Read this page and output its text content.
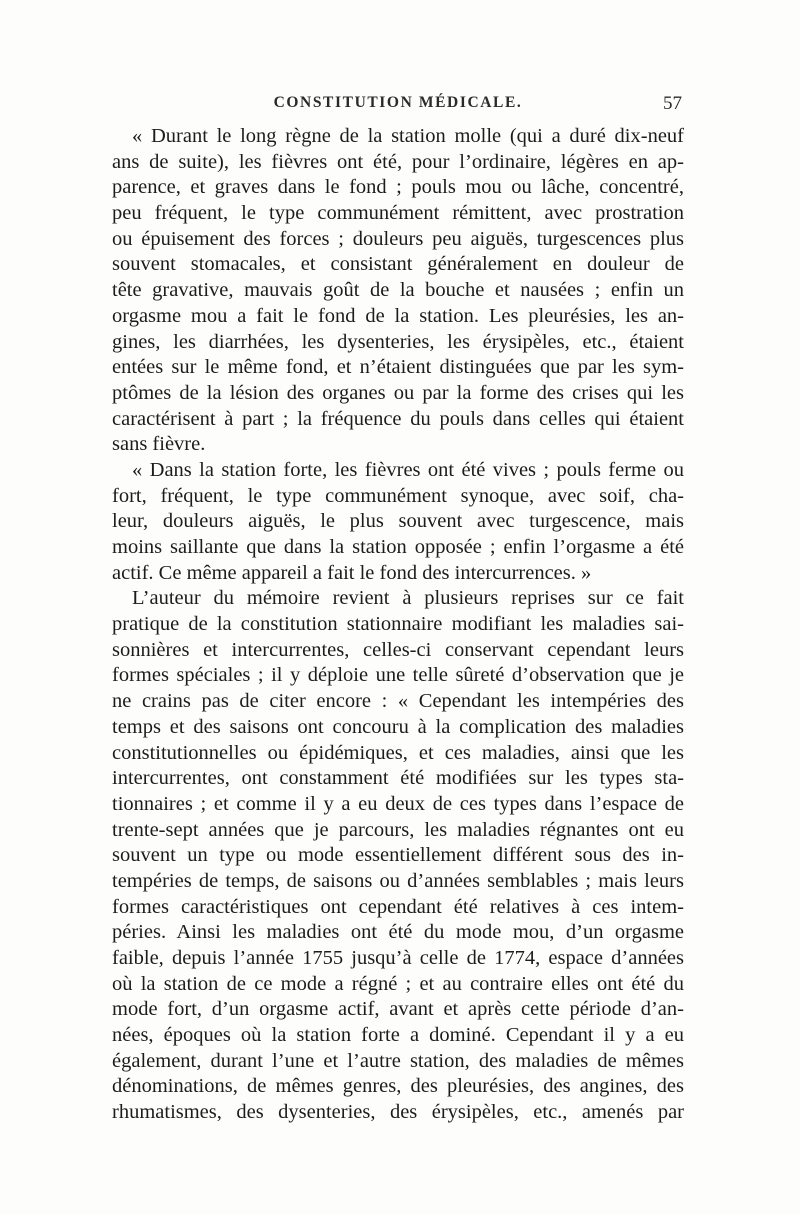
CONSTITUTION MÉDICALE.	57
« Durant le long règne de la station molle (qui a duré dix-neuf
ans de suite), les fièvres ont été, pour l’ordinaire, légères en ap-
parence, et graves dans le fond ; pouls mou ou lâche, concentré,
peu fréquent, le type communément rémittent, avec prostration
ou épuisement des forces ; douleurs peu aiguës, turgescences plus
souvent stomacales, et consistant généralement en douleur de
tête gravative, mauvais goût de la bouche et nausées ; enfin un
orgasme mou a fait le fond de la station. Les pleurésies, les an-
gines, les diarrhées, les dysenteries, les érysipèles, etc., étaient
entées sur le même fond, et n’étaient distinguées que par les sym-
ptômes de la lésion des organes ou par la forme des crises qui les
caractérisent à part ; la fréquence du pouls dans celles qui étaient
sans fièvre.
« Dans la station forte, les fièvres ont été vives ; pouls ferme ou
fort, fréquent, le type communément synoque, avec soif, cha-
leur, douleurs aiguës, le plus souvent avec turgescence, mais
moins saillante que dans la station opposée ; enfin l’orgasme a été
actif. Ce même appareil a fait le fond des intercurrences. »
L’auteur du mémoire revient à plusieurs reprises sur ce fait
pratique de la constitution stationnaire modifiant les maladies sai-
sonnières et intercurrentes, celles-ci conservant cependant leurs
formes spéciales ; il y déploie une telle sûreté d’observation que je
ne crains pas de citer encore : « Cependant les intempéries des
temps et des saisons ont concouru à la complication des maladies
constitutionnelles ou épidémiques, et ces maladies, ainsi que les
intercurrentes, ont constamment été modifiées sur les types sta-
tionnaires ; et comme il y a eu deux de ces types dans l’espace de
trente-sept années que je parcours, les maladies régnantes ont eu
souvent un type ou mode essentiellement différent sous des in-
tempéries de temps, de saisons ou d’années semblables ; mais leurs
formes caractéristiques ont cependant été relatives à ces intem-
péries. Ainsi les maladies ont été du mode mou, d’un orgasme
faible, depuis l’année 1755 jusqu’à celle de 1774, espace d’années
où la station de ce mode a régné ; et au contraire elles ont été du
mode fort, d’un orgasme actif, avant et après cette période d’an-
nées, époques où la station forte a dominé. Cependant il y a eu
également, durant l’une et l’autre station, des maladies de mêmes
dénominations, de mêmes genres, des pleurésies, des angines, des
rhumatismes, des dysenteries, des érysipèles, etc., amenés par
